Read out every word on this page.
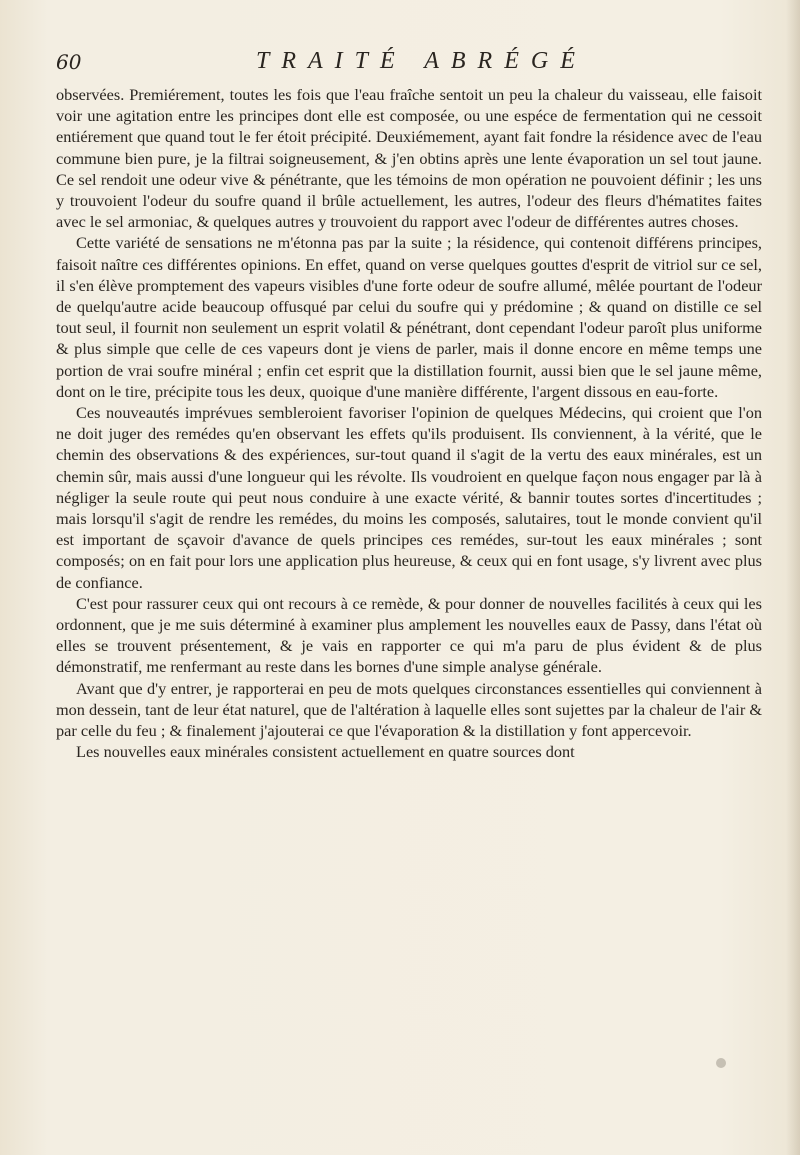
60	TRAITÉ ABRÉGÉ

observées. Premiérement, toutes les fois que l'eau fraîche sentoit un peu la chaleur du vaisseau, elle faisoit voir une agitation entre les principes dont elle est composée, ou une espéce de fermentation qui ne cessoit entiérement que quand tout le fer étoit précipité. Deuxiémement, ayant fait fondre la résidence avec de l'eau commune bien pure, je la filtrai soigneusement, & j'en obtins après une lente évaporation un sel tout jaune. Ce sel rendoit une odeur vive & pénétrante, que les témoins de mon opération ne pouvoient définir ; les uns y trouvoient l'odeur du soufre quand il brûle actuellement, les autres, l'odeur des fleurs d'hématites faites avec le sel armoniac, & quelques autres y trouvoient du rapport avec l'odeur de différentes autres choses.

Cette variété de sensations ne m'étonna pas par la suite ; la résidence, qui contenoit différens principes, faisoit naître ces différentes opinions. En effet, quand on verse quelques gouttes d'esprit de vitriol sur ce sel, il s'en élève promptement des vapeurs visibles d'une forte odeur de soufre allumé, mêlée pourtant de l'odeur de quelqu'autre acide beaucoup offusqué par celui du soufre qui y prédomine ; & quand on distille ce sel tout seul, il fournit non seulement un esprit volatil & pénétrant, dont cependant l'odeur paroît plus uniforme & plus simple que celle de ces vapeurs dont je viens de parler, mais il donne encore en même temps une portion de vrai soufre minéral ; enfin cet esprit que la distillation fournit, aussi bien que le sel jaune même, dont on le tire, précipite tous les deux, quoique d'une manière différente, l'argent dissous en eau-forte.

Ces nouveautés imprévues sembleroient favoriser l'opinion de quelques Médecins, qui croient que l'on ne doit juger des remédes qu'en observant les effets qu'ils produisent. Ils conviennent, à la vérité, que le chemin des observations & des expériences, sur-tout quand il s'agit de la vertu des eaux minérales, est un chemin sûr, mais aussi d'une longueur qui les révolte. Ils voudroient en quelque façon nous engager par là à négliger la seule route qui peut nous conduire à une exacte vérité, & bannir toutes sortes d'incertitudes ; mais lorsqu'il s'agit de rendre les remédes, du moins les composés, salutaires, tout le monde convient qu'il est important de sçavoir d'avance de quels principes ces remédes, sur-tout les eaux minérales ; sont composés; on en fait pour lors une application plus heureuse, & ceux qui en font usage, s'y livrent avec plus de confiance.

C'est pour rassurer ceux qui ont recours à ce remède, & pour donner de nouvelles facilités à ceux qui les ordonnent, que je me suis déterminé à examiner plus amplement les nouvelles eaux de Passy, dans l'état où elles se trouvent présentement, & je vais en rapporter ce qui m'a paru de plus évident & de plus démonstratif, me renfermant au reste dans les bornes d'une simple analyse générale.

Avant que d'y entrer, je rapporterai en peu de mots quelques circonstances essentielles qui conviennent à mon dessein, tant de leur état naturel, que de l'altération à laquelle elles sont sujettes par la chaleur de l'air & par celle du feu ; & finalement j'ajouterai ce que l'évaporation & la distillation y font appercevoir.

Les nouvelles eaux minérales consistent actuellement en quatre sources dont
